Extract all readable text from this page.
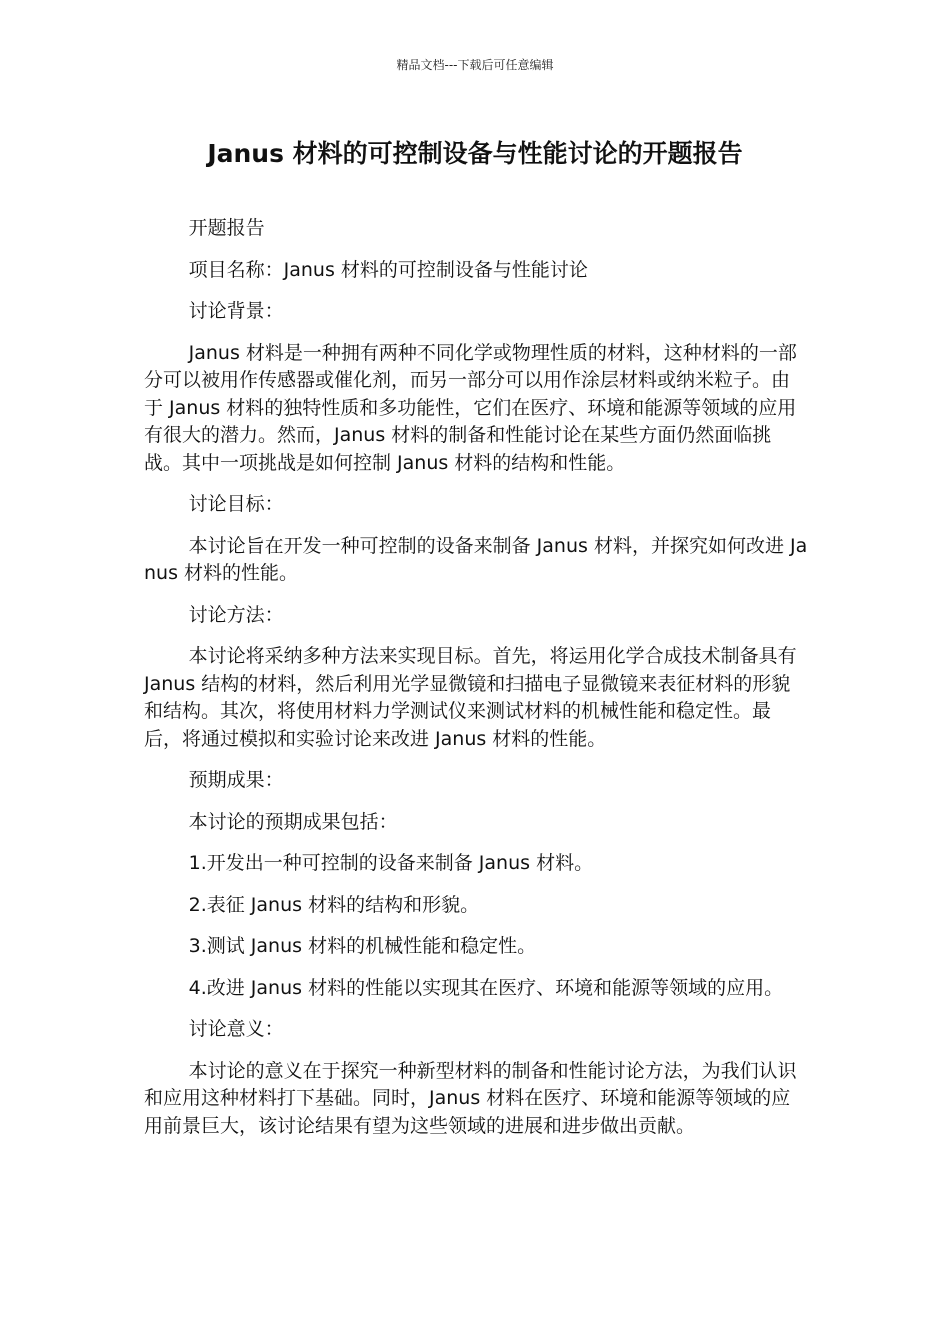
精品文档---下载后可任意编辑
Janus 材料的可控制设备与性能讨论的开题报告

开题报告

项目名称：Janus 材料的可控制设备与性能讨论

讨论背景：

Janus 材料是一种拥有两种不同化学或物理性质的材料，这种材料的一部分可以被用作传感器或催化剂，而另一部分可以用作涂层材料或纳米粒子。由于 Janus 材料的独特性质和多功能性，它们在医疗、环境和能源等领域的应用有很大的潜力。然而，Janus 材料的制备和性能讨论在某些方面仍然面临挑战。其中一项挑战是如何控制 Janus 材料的结构和性能。

讨论目标：

本讨论旨在开发一种可控制的设备来制备 Janus 材料，并探究如何改进 Janus 材料的性能。

讨论方法：

本讨论将采纳多种方法来实现目标。首先，将运用化学合成技术制备具有 Janus 结构的材料，然后利用光学显微镜和扫描电子显微镜来表征材料的形貌和结构。其次，将使用材料力学测试仪来测试材料的机械性能和稳定性。最后，将通过模拟和实验讨论来改进 Janus 材料的性能。

预期成果：

本讨论的预期成果包括：

1.开发出一种可控制的设备来制备 Janus 材料。

2.表征 Janus 材料的结构和形貌。

3.测试 Janus 材料的机械性能和稳定性。

4.改进 Janus 材料的性能以实现其在医疗、环境和能源等领域的应用。

讨论意义：

本讨论的意义在于探究一种新型材料的制备和性能讨论方法，为我们认识和应用这种材料打下基础。同时，Janus 材料在医疗、环境和能源等领域的应用前景巨大，该讨论结果有望为这些领域的进展和进步做出贡献。
